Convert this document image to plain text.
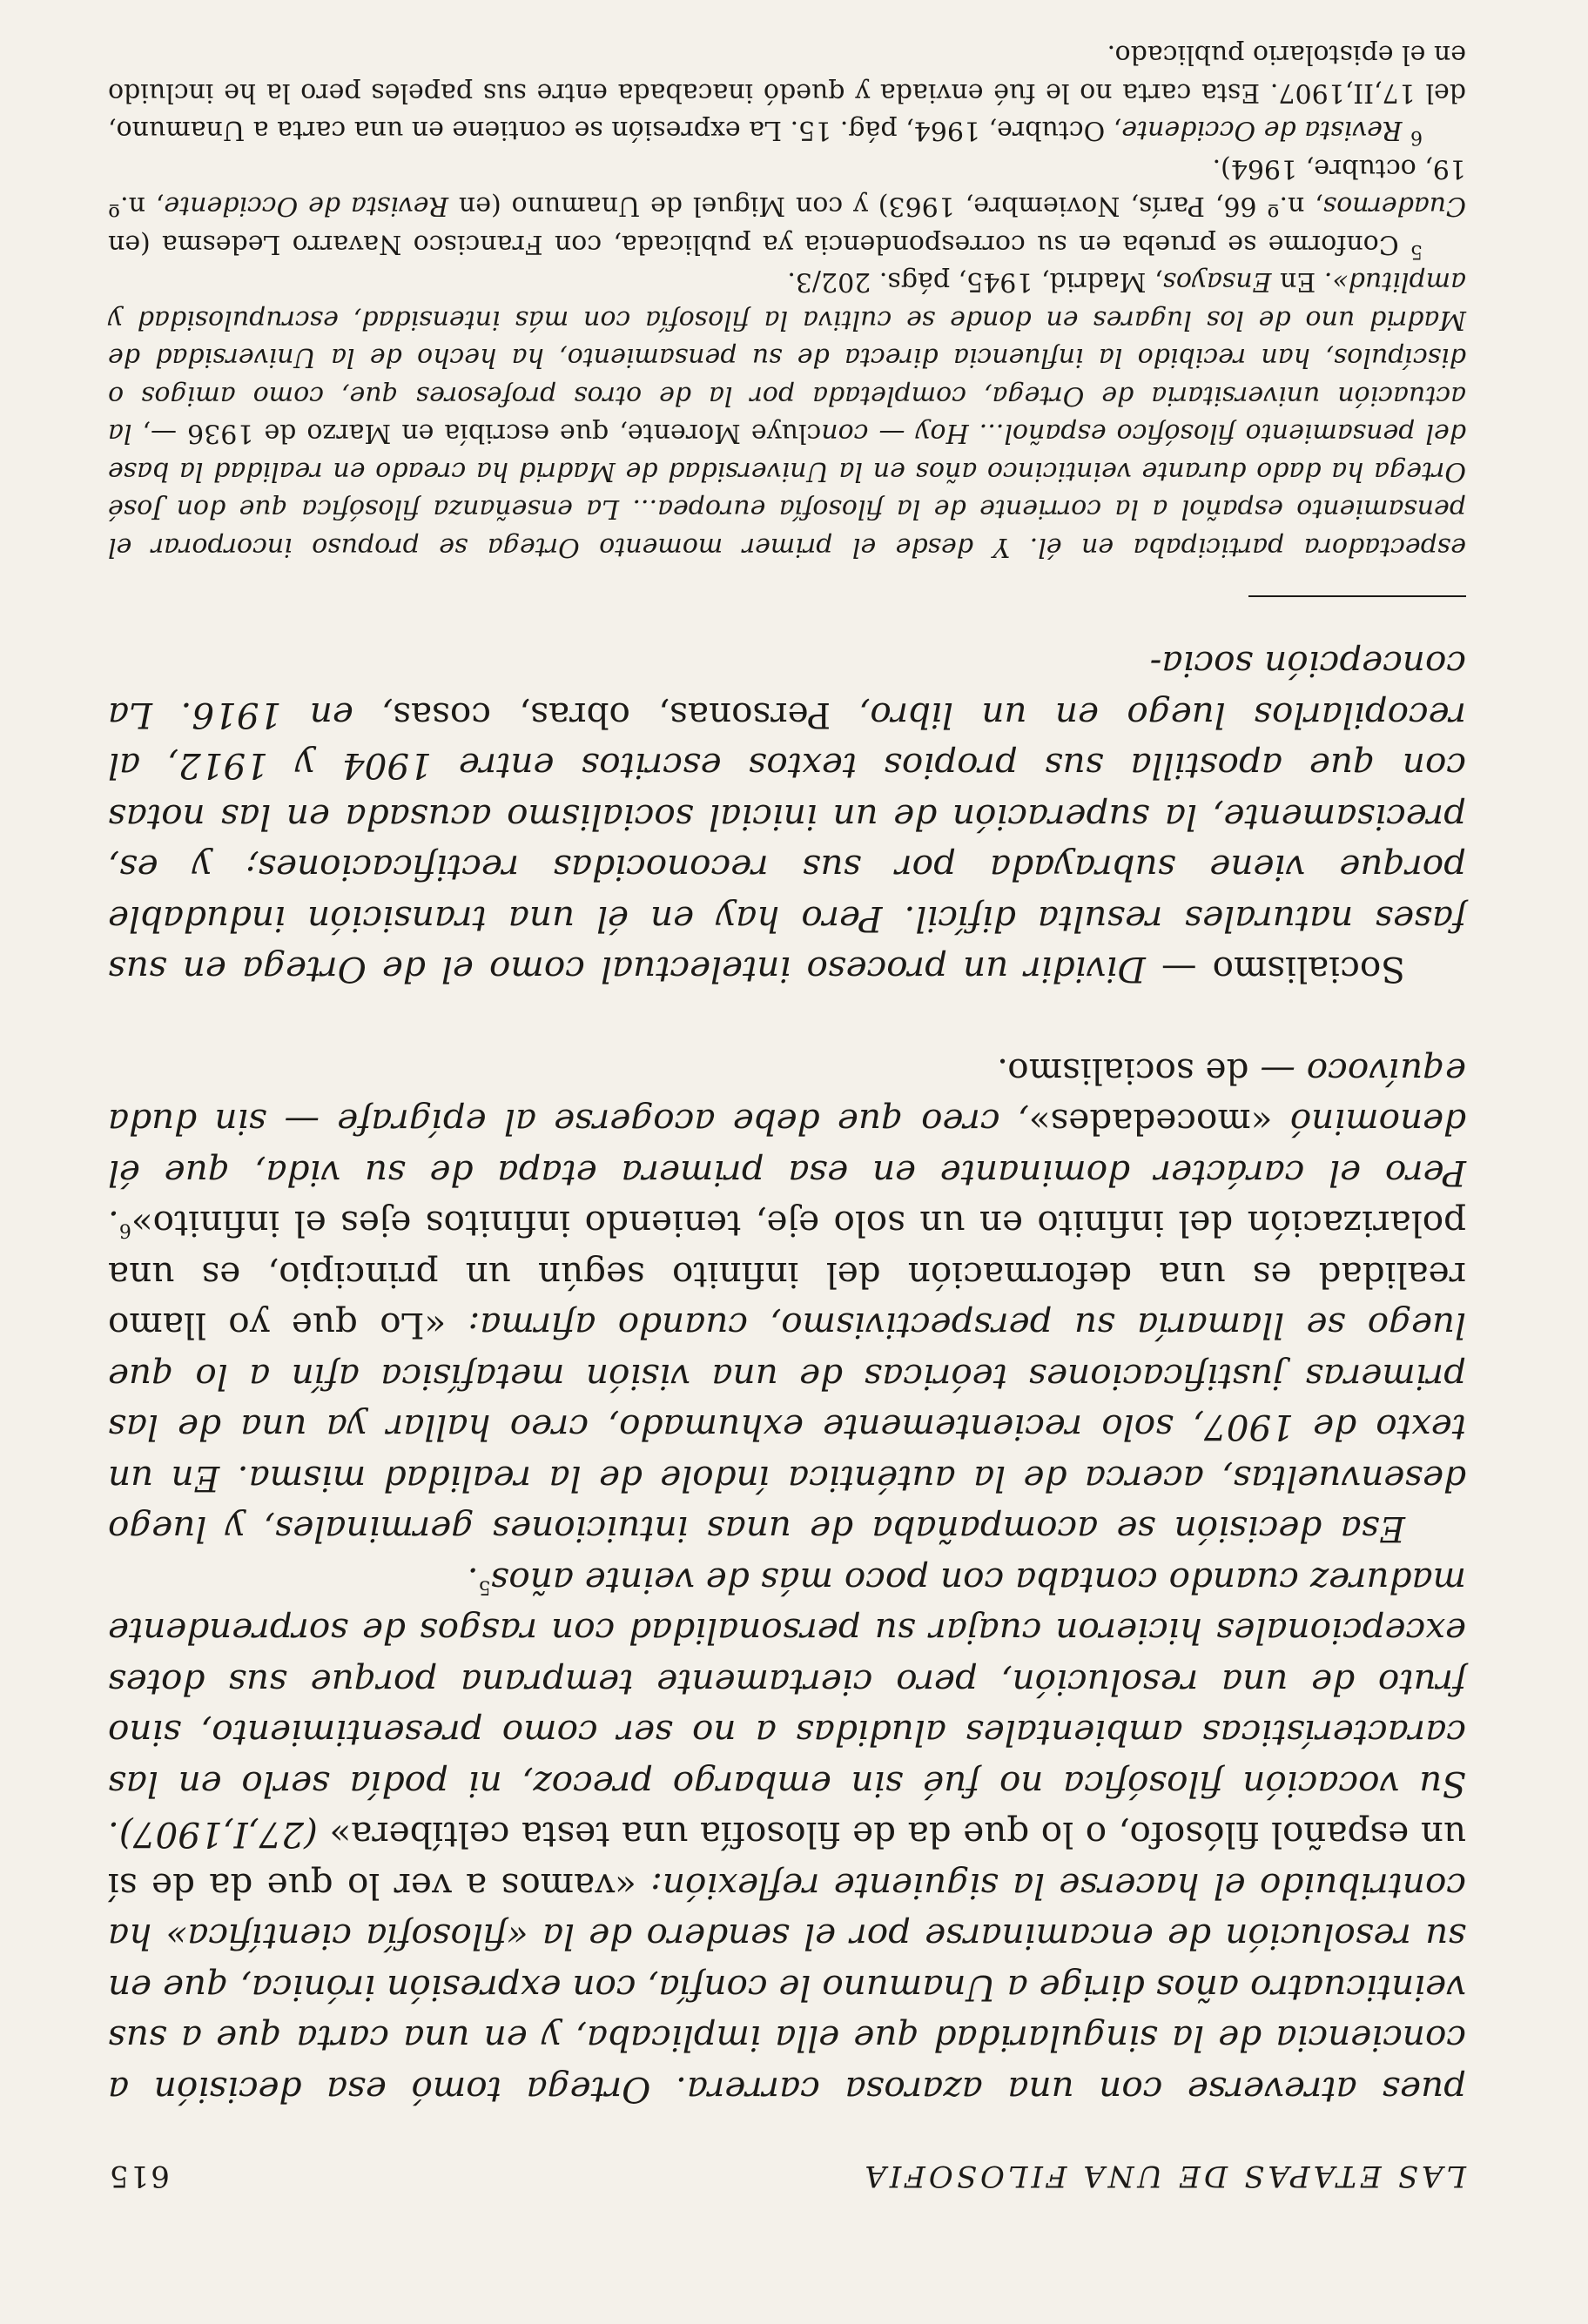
LAS ETAPAS DE UNA FILOSOFIA
615

pues atreverse con una azarosa carrera. Ortega tomó esa decisión a conciencia de la singularidad que ella implicaba, y en una carta que a sus veinticuatro años dirige a Unamuno le confía, con expresión irónica, que en su resolución de encaminarse por el sendero de la «filosofía científica» ha contribuido el hacerse la siguiente reflexión: «vamos a ver lo que da de sí un español filósofo, o lo que da de filosofía una testa celtíbera» (27,I,1907). Su vocación filosófica no fué sin embargo precoz, ni podía serlo en las características ambientales aludidas a no ser como presentimiento, sino fruto de una resolución, pero ciertamente temprana porque sus dotes excepcionales hicieron cuajar su personalidad con rasgos de sorprendente madurez cuando contaba con poco más de veinte años$^5$.

Esa decisión se acompañaba de unas intuiciones germinales, y luego desenvueltas, acerca de la auténtica índole de la realidad misma. En un texto de 1907, solo recientemente exhumado, creo hallar ya una de las primeras justificaciones teóricas de una visión metafísica afín a lo que luego se llamaría su perspectivismo, cuando afirma: «Lo que yo llamo realidad es una deformación del infinito según un principio, es una polarización del infinito en un solo eje, teniendo infinitos ejes el infinito»$^6$. Pero el carácter dominante en esa primera etapa de su vida, que él denominó «mocedades», creo que debe acogerse al epígrafe — sin duda equívoco — de socialismo.

Socialismo — Dividir un proceso intelectual como el de Ortega en sus fases naturales resulta difícil. Pero hay en él una transición indudable porque viene subrayada por sus reconocidas rectificaciones; y es, precisamente, la superación de un inicial socialismo acusada en las notas con que apostilla sus propios textos escritos entre 1904 y 1912, al recopilarlos luego en un libro, Personas, obras, cosas, en 1916. La concepción socia-

espectadora participaba en él. Y desde el primer momento Ortega se propuso incorporar el pensamiento español a la corriente de la filosofía europea... La enseñanza filosófica que don José Ortega ha dado durante veinticinco años en la Universidad de Madrid ha creado en realidad la base del pensamiento filosófico español... Hoy — concluye Morente, que escribía en Marzo de 1936 —, la actuación universitaria de Ortega, completada por la de otros profesores que, como amigos o discípulos, han recibido la influencia directa de su pensamiento, ha hecho de la Universidad de Madrid uno de los lugares en donde se cultiva la filosofía con más intensidad, escrupulosidad y amplitud». En Ensayos, Madrid, 1945, págs. 202/3.

$^5$ Conforme se prueba en su correspondencia ya publicada, con Francisco Navarro Ledesma (en Cuadernos, n.º 66, París, Noviembre, 1963) y con Miguel de Unamuno (en Revista de Occidente, n.º 19, octubre, 1964).

$^6$ Revista de Occidente, Octubre, 1964, pág. 15. La expresión se contiene en una carta a Unamuno, del 17,II,1907. Esta carta no le fué enviada y quedó inacabada entre sus papeles pero la he incluido en el epistolario publicado.
